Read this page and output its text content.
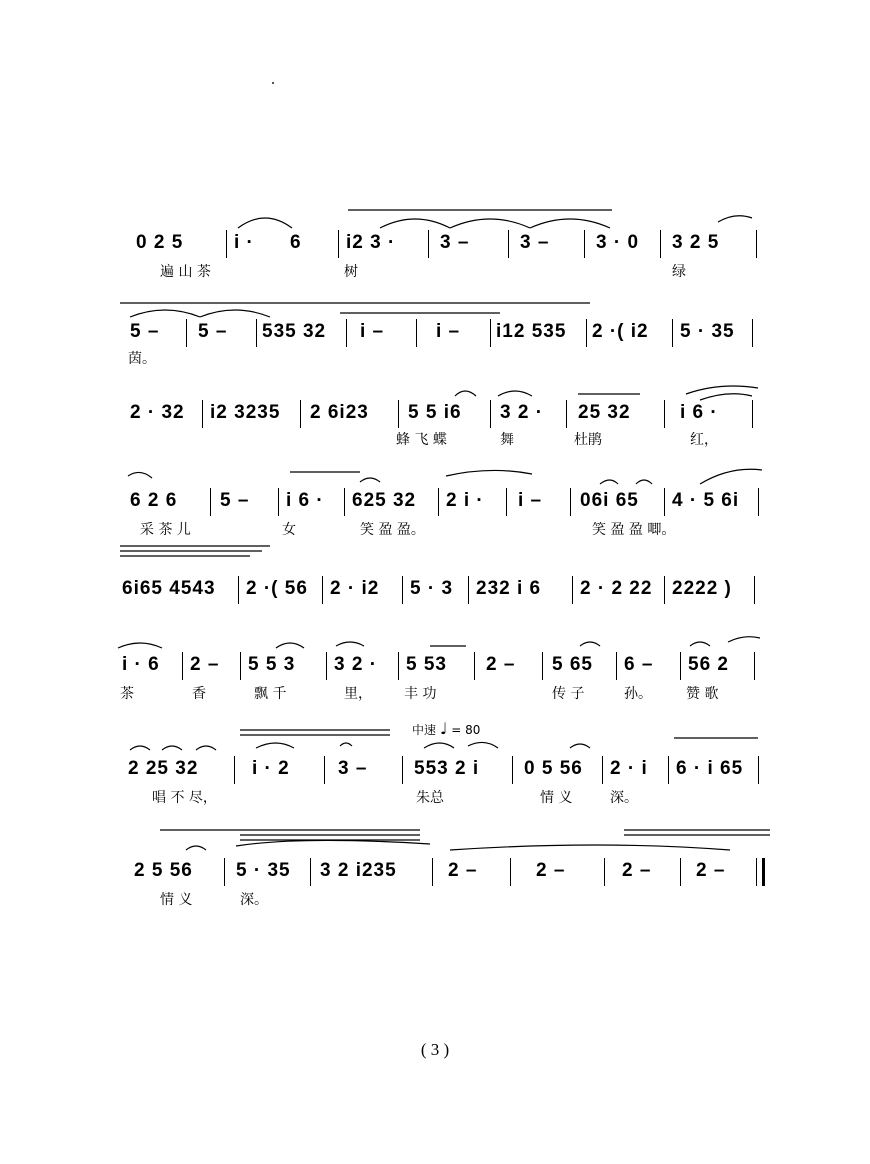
0 2 5	i · 6 i2 3 · 3 –	3 – 3 · 0 3 2 5
遍 山 茶	树	绿
5 – 5 – 535 32 i –	i – i12 535 2 ·( i2 5 · 35
茵。
2 · 32 i2 3235 2 6i23 5 5 i6 3 2 · 25 32	i 6 ·
蜂 飞 蝶	舞	杜鹃	红，
6 2 6 5 – i 6 · 625 32 2 i · i – 06i 65 4 · 5 6i
采 茶 儿	女	笑 盈 盈。	笑 盈 盈 唧。
6i65 4543 2 ·( 56 2 · i2 5 · 3 232 i 6 2 · 2 22 2222 )
i · 6 2 – 5 5 3 3 2 · 5 53 2 – 5 65 6 – 56 2
茶	香	飘 千	里， 丰 功	传 子	孙。 赞 歌
中速 ♩ = 80
2 25 32	i · 2	3 – 553 2 i 0 5 56 2 · i 6 · i 65
唱 不 尽，	朱总	情 义	深。
2 5 56 5 · 35 3 2 i235	2 –	2 –	2 – 2 –
情 义	深。
( 3 )
